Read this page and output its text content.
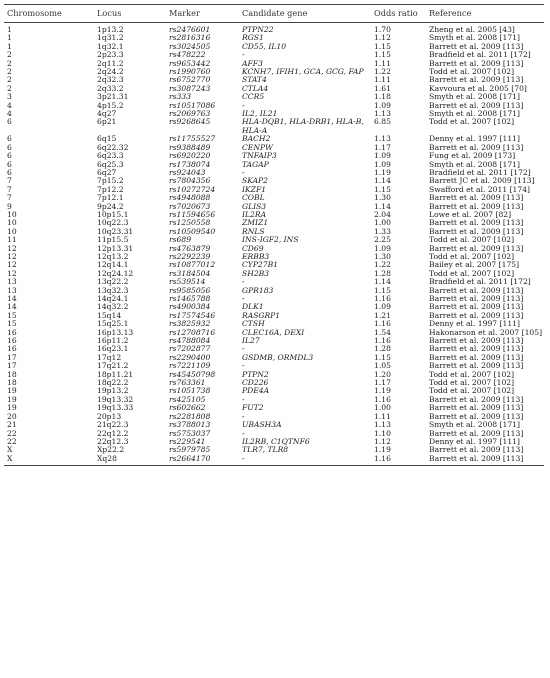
Chromosome	Locus	Marker	Candidate gene	Odds ratio	Reference
1	1p13.2	rs2476601	PTPN22	1.70	Zheng et al. 2005 [43]
1	1q31.2	rs2816316	RGS1	1.12	Smyth et al. 2008 [171]
1	1q32.1	rs3024505	CD55, IL10	1.15	Barrett et al. 2009 [113]
2	2p23.3	rs478222	-	1.15	Bradfield et al. 2011 [172]
2	2q11.2	rs9653442	AFF3	1.11	Barrett et al. 2009 [113]
2	2q24.2	rs1990760	KCNH7, IFIH1, GCA, GCG, FAP	1.22	Todd et al. 2007 [102]
2	2q32.3	rs6752770	STAT4	1.11	Barrett et al. 2009 [113]
2	2q33.2	rs3087243	CTLA4	1.61	Kavvoura et al. 2005 [70]
3	3p21.31	rs333	CCR5	1.18	Smyth et al. 2008 [171]
4	4p15.2	rs10517086	-	1.09	Barrett et al. 2009 [113]
4	4q27	rs2069763	IL2, IL21	1.13	Smyth et al. 2008 [171]
6	6p21	rs9268645	HLA-DQB1, HLA-DRB1, HLA-B, HLA-A	6.85	Todd et al. 2007 [102]
6	6q15	rs11755527	BACH2	1.13	Denny et al. 1997 [111]
6	6q22.32	rs9388489	CENPW	1.17	Barrett et al. 2009 [113]
6	6q23.3	rs6920220	TNFAIP3	1.09	Fung et al. 2009 [173]
6	6q25.3	rs1738074	TAGAP	1.09	Smyth et al. 2008 [171]
6	6q27	rs924043	-	1.19	Bradfield et al. 2011 [172]
7	7p15.2	rs7804356	SKAP2	1.14	Barrett JC et al. 2009 [113]
7	7p12.2	rs10272724	IKZF1	1.15	Swafford et al. 2011 [174]
7	7p12.1	rs4948088	COBL	1.30	Barrett et al. 2009 [113]
9	9p24.2	rs7020673	GLIS3	1.14	Barrett et al. 2009 [113]
10	10p15.1	rs11594656	IL2RA	2.04	Lowe et al. 2007 [82]
10	10q22.3	rs1250558	ZMIZ1	1.00	Barrett et al. 2009 [113]
10	10q23.31	rs10509540	RNLS	1.33	Barrett et al. 2009 [113]
11	11p15.5	rs689	INS-IGF2, INS	2.25	Todd et al. 2007 [102]
12	12p13.31	rs4763879	CD69	1.09	Barrett et al. 2009 [113]
12	12q13.2	rs2292239	ERBB3	1.30	Todd et al. 2007 [102]
12	12q14.1	rs10877012	CYP27B1	1.22	Bailey et al. 2007 [175]
12	12q24.12	rs3184504	SH2B3	1.28	Todd et al. 2007 [102]
13	13q22.2	rs539514	-	1.14	Bradfield et al. 2011 [172]
13	13q32.3	rs9585056	GPR183	1.15	Barrett et al. 2009 [113]
14	14q24.1	rs1465788	-	1.16	Barrett et al. 2009 [113]
14	14q32.2	rs4900384	DLK1	1.09	Barrett et al. 2009 [113]
15	15q14	rs17574546	RASGRP1	1.21	Barrett et al. 2009 [113]
15	15q25.1	rs3825932	CTSH	1.16	Denny et al. 1997 [111]
16	16p13.13	rs12708716	CLEC16A, DEXI	1.54	Hakonarson et al. 2007 [105]
16	16p11.2	rs4788084	IL27	1.16	Barrett et al. 2009 [113]
16	16q23.1	rs7202877	-	1.28	Barrett et al. 2009 [113]
17	17q12	rs2290400	GSDMB, ORMDL3	1.15	Barrett et al. 2009 [113]
17	17q21.2	rs7221109	-	1.05	Barrett et al. 2009 [113]
18	18p11.21	rs45450798	PTPN2	1.20	Todd et al. 2007 [102]
18	18q22.2	rs763361	CD226	1.17	Todd et al. 2007 [102]
19	19p13.2	rs1051738	PDE4A	1.19	Todd et al. 2007 [102]
19	19q13.32	rs425105	-	1.16	Barrett et al. 2009 [113]
19	19q13.33	rs602662	FUT2	1.00	Barrett et al. 2009 [113]
20	20p13	rs2281808	-	1.11	Barrett et al. 2009 [113]
21	21q22.3	rs3788013	UBASH3A	1.13	Smyth et al. 2008 [171]
22	22q12.2	rs5753037	-	1.10	Barrett et al. 2009 [113]
22	22q12.3	rs229541	IL2RB, C1QTNF6	1.12	Denny et al. 1997 [111]
X	Xp22.2	rs5979785	TLR7, TLR8	1.19	Barrett et al. 2009 [113]
X	Xq28	rs2664170	-	1.16	Barrett et al. 2009 [113]
